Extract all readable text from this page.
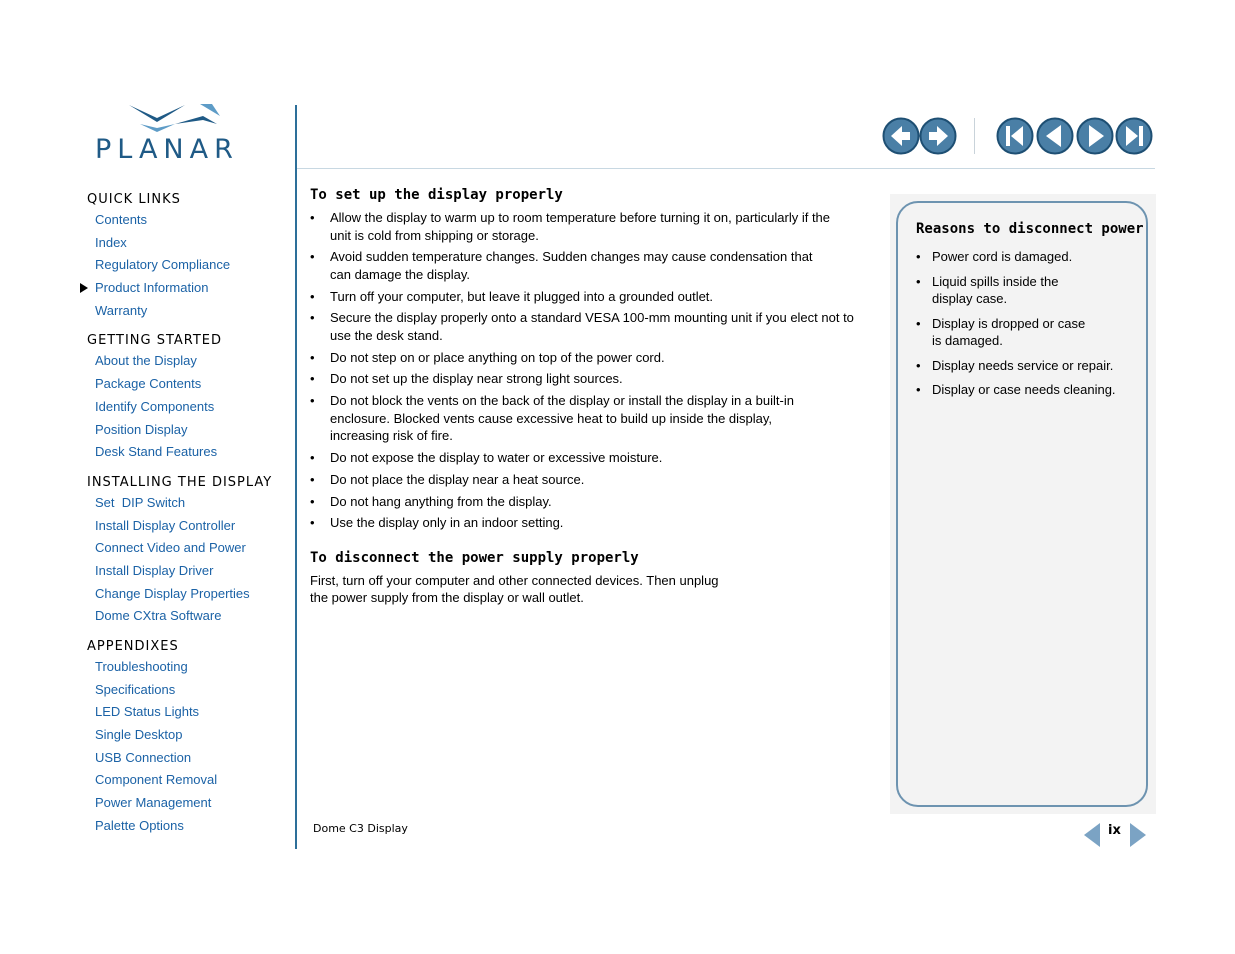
PLANAR
QUICK LINKS
Contents
Index
Regulatory Compliance
Product Information
Warranty
GETTING STARTED
About the Display
Package Contents
Identify Components
Position Display
Desk Stand Features
INSTALLING THE DISPLAY
Set  DIP Switch
Install Display Controller
Connect Video and Power
Install Display Driver
Change Display Properties
Dome CXtra Software
APPENDIXES
Troubleshooting
Specifications
LED Status Lights
Single Desktop
USB Connection
Component Removal
Power Management
Palette Options
To set up the display properly
• Allow the display to warm up to room temperature before turning it on, particularly if the unit is cold from shipping or storage.
• Avoid sudden temperature changes. Sudden changes may cause condensation that can damage the display.
• Turn off your computer, but leave it plugged into a grounded outlet.
• Secure the display properly onto a standard VESA 100-mm mounting unit if you elect not to use the desk stand.
• Do not step on or place anything on top of the power cord.
• Do not set up the display near strong light sources.
• Do not block the vents on the back of the display or install the display in a built-in enclosure. Blocked vents cause excessive heat to build up inside the display, increasing risk of fire.
• Do not expose the display to water or excessive moisture.
• Do not place the display near a heat source.
• Do not hang anything from the display.
• Use the display only in an indoor setting.
To disconnect the power supply properly

First, turn off your computer and other connected devices. Then unplug the power supply from the display or wall outlet.

Reasons to disconnect power
• Power cord is damaged.
• Liquid spills inside the display case.
• Display is dropped or case is damaged.
• Display needs service or repair.
• Display or case needs cleaning.
Dome C3 Display	ix
